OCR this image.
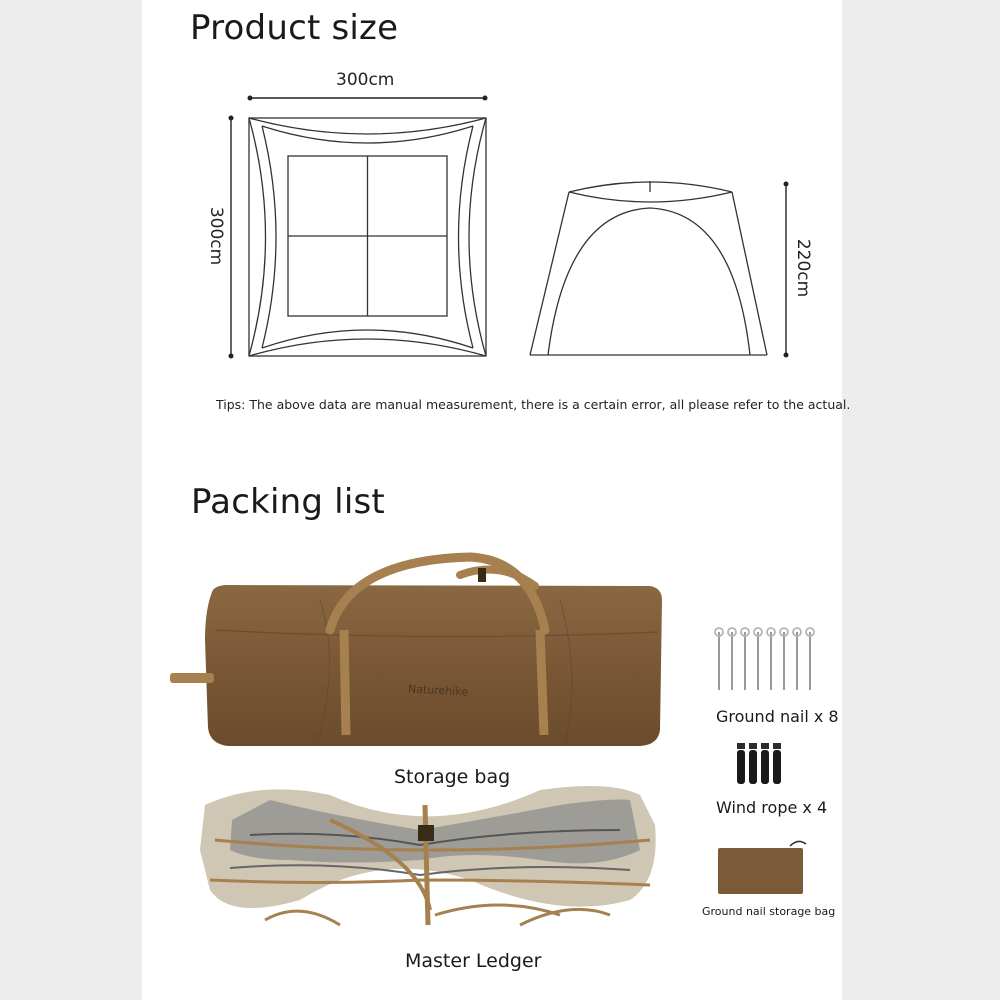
Product size
300cm
300cm
220cm
Tips: The above data are manual measurement, there is a certain error, all please refer to the actual.
Packing list
Naturehike
Storage bag
Master Ledger
Ground nail x 8
Wind rope x 4
Ground nail storage bag
